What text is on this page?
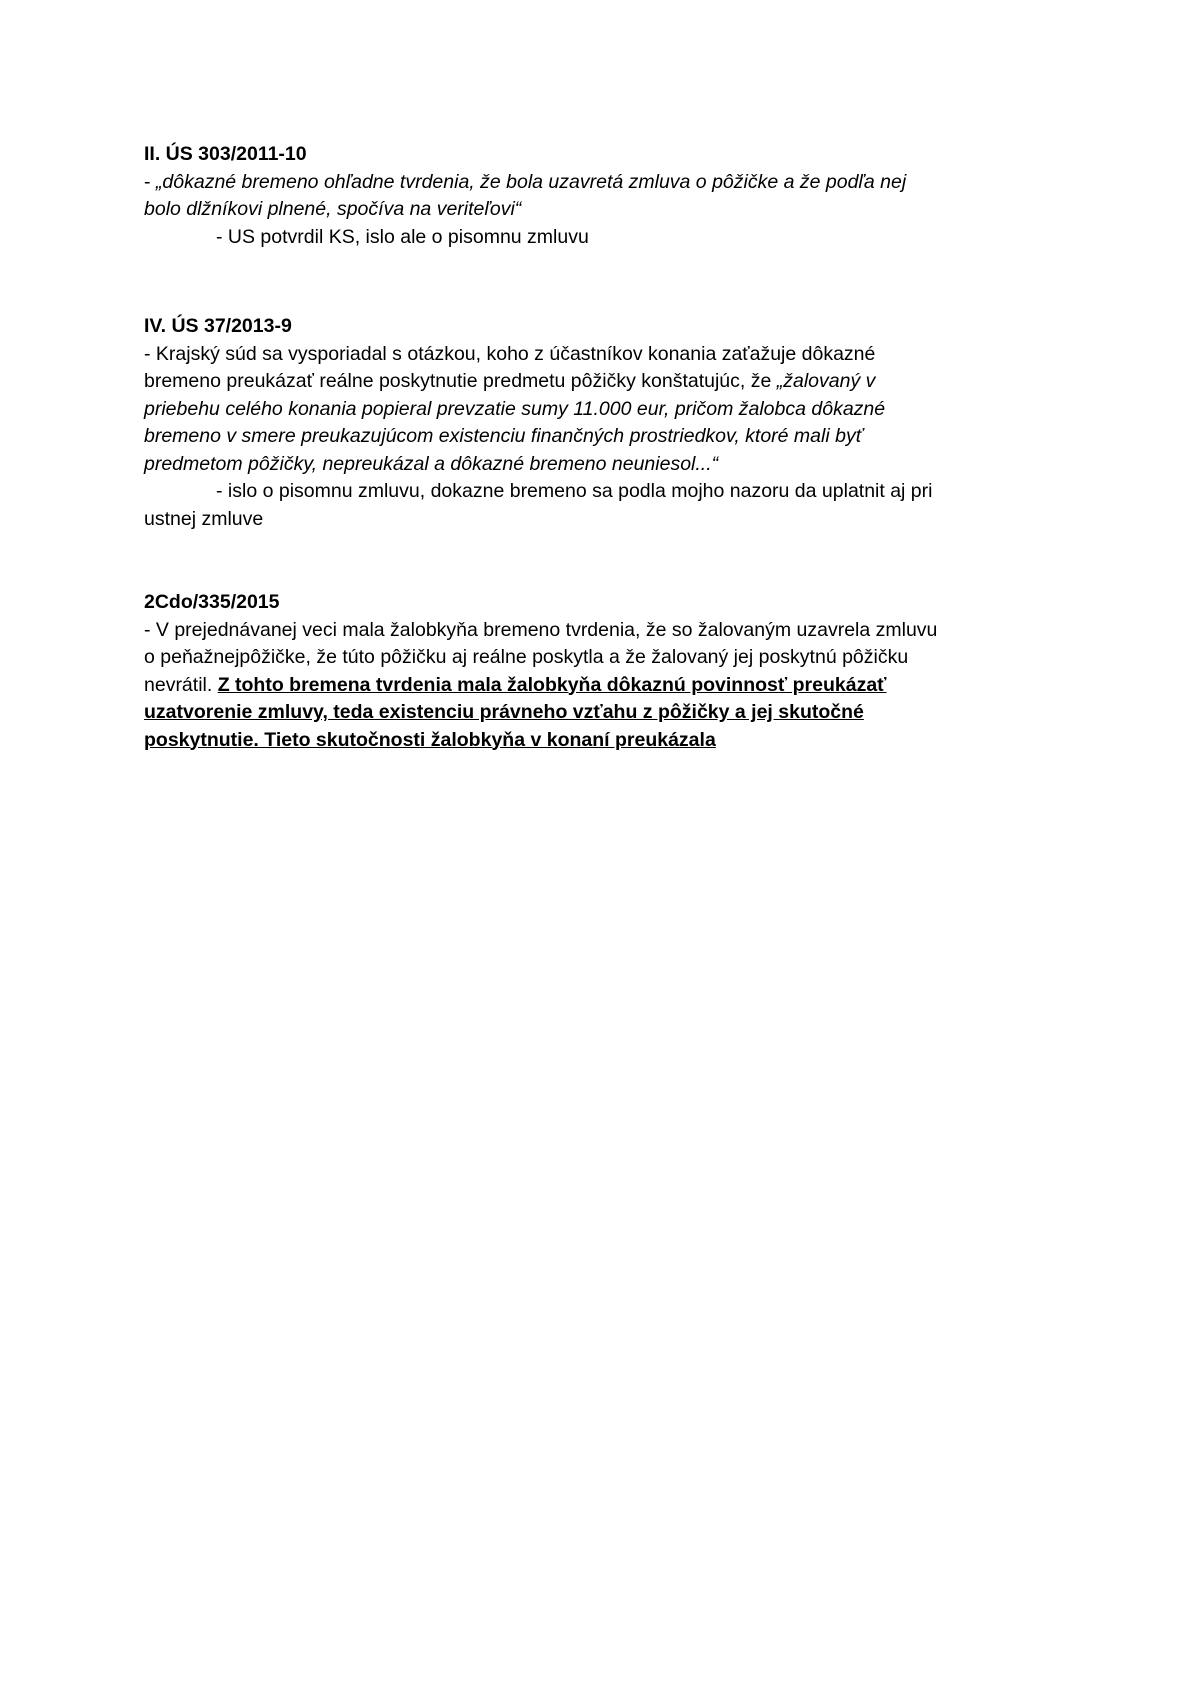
II. ÚS 303/2011-10
- „dôkazné bremeno ohľadne tvrdenia, že bola uzavretá zmluva o pôžičke a že podľa nej
bolo dlžníkovi plnené, spočíva na veriteľovi“
- US potvrdil KS, islo ale o pisomnu zmluvu
IV. ÚS 37/2013-9
- Krajský súd sa vysporiadal s otázkou, koho z účastníkov konania zaťažuje dôkazné
bremeno preukázať reálne poskytnutie predmetu pôžičky konštatujúc, že „žalovaný v
priebehu celého konania popieral prevzatie sumy 11.000 eur, pričom žalobca dôkazné
bremeno v smere preukazujúcom existenciu finančných prostriedkov, ktoré mali byť
predmetom pôžičky, nepreukázal a dôkazné bremeno neuniesol...“
- islo o pisomnu zmluvu, dokazne bremeno sa podla mojho nazoru da uplatnit aj pri
ustnej zmluve
2Cdo/335/2015
- V prejednávanej veci mala žalobkyňa bremeno tvrdenia, že so žalovaným uzavrela zmluvu
o peňažnejpôžičke, že túto pôžičku aj reálne poskytla a že žalovaný jej poskytnú pôžičku
nevrátil. Z tohto bremena tvrdenia mala žalobkyňa dôkaznú povinnosť preukázať
uzatvorenie zmluvy, teda existenciu právneho vzťahu z pôžičky a jej skutočné
poskytnutie. Tieto skutočnosti žalobkyňa v konaní preukázala
